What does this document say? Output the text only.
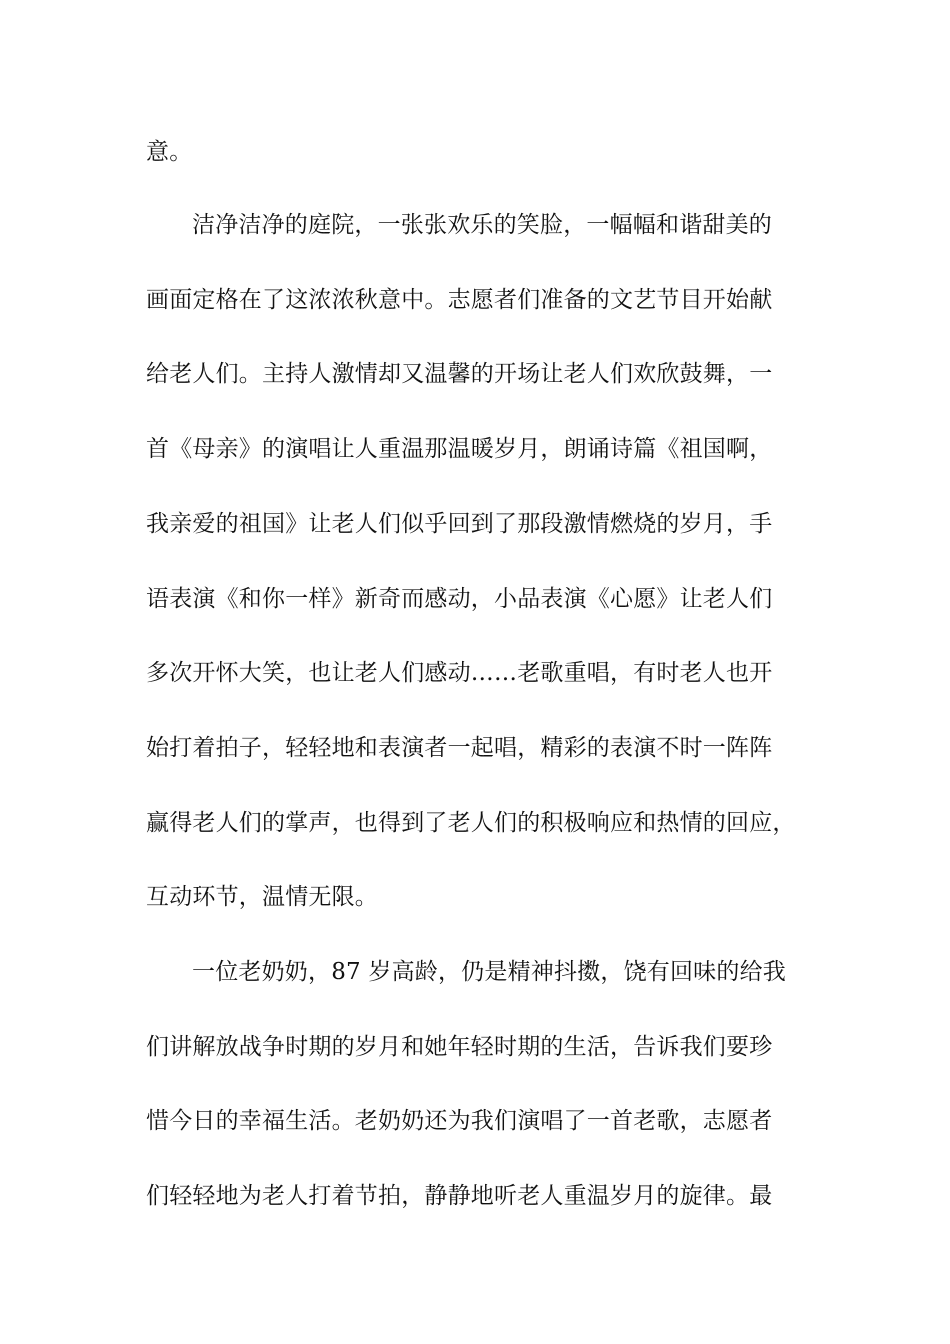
意。
洁净洁净的庭院，一张张欢乐的笑脸，一幅幅和谐甜美的
画面定格在了这浓浓秋意中。志愿者们准备的文艺节目开始献
给老人们。主持人激情却又温馨的开场让老人们欢欣鼓舞，一
首《母亲》的演唱让人重温那温暖岁月，朗诵诗篇《祖国啊，
我亲爱的祖国》让老人们似乎回到了那段激情燃烧的岁月，手
语表演《和你一样》新奇而感动，小品表演《心愿》让老人们
多次开怀大笑，也让老人们感动……老歌重唱，有时老人也开
始打着拍子，轻轻地和表演者一起唱，精彩的表演不时一阵阵
赢得老人们的掌声，也得到了老人们的积极响应和热情的回应，
互动环节，温情无限。
一位老奶奶，87 岁高龄，仍是精神抖擞，饶有回味的给我
们讲解放战争时期的岁月和她年轻时期的生活，告诉我们要珍
惜今日的幸福生活。老奶奶还为我们演唱了一首老歌，志愿者
们轻轻地为老人打着节拍，静静地听老人重温岁月的旋律。最
